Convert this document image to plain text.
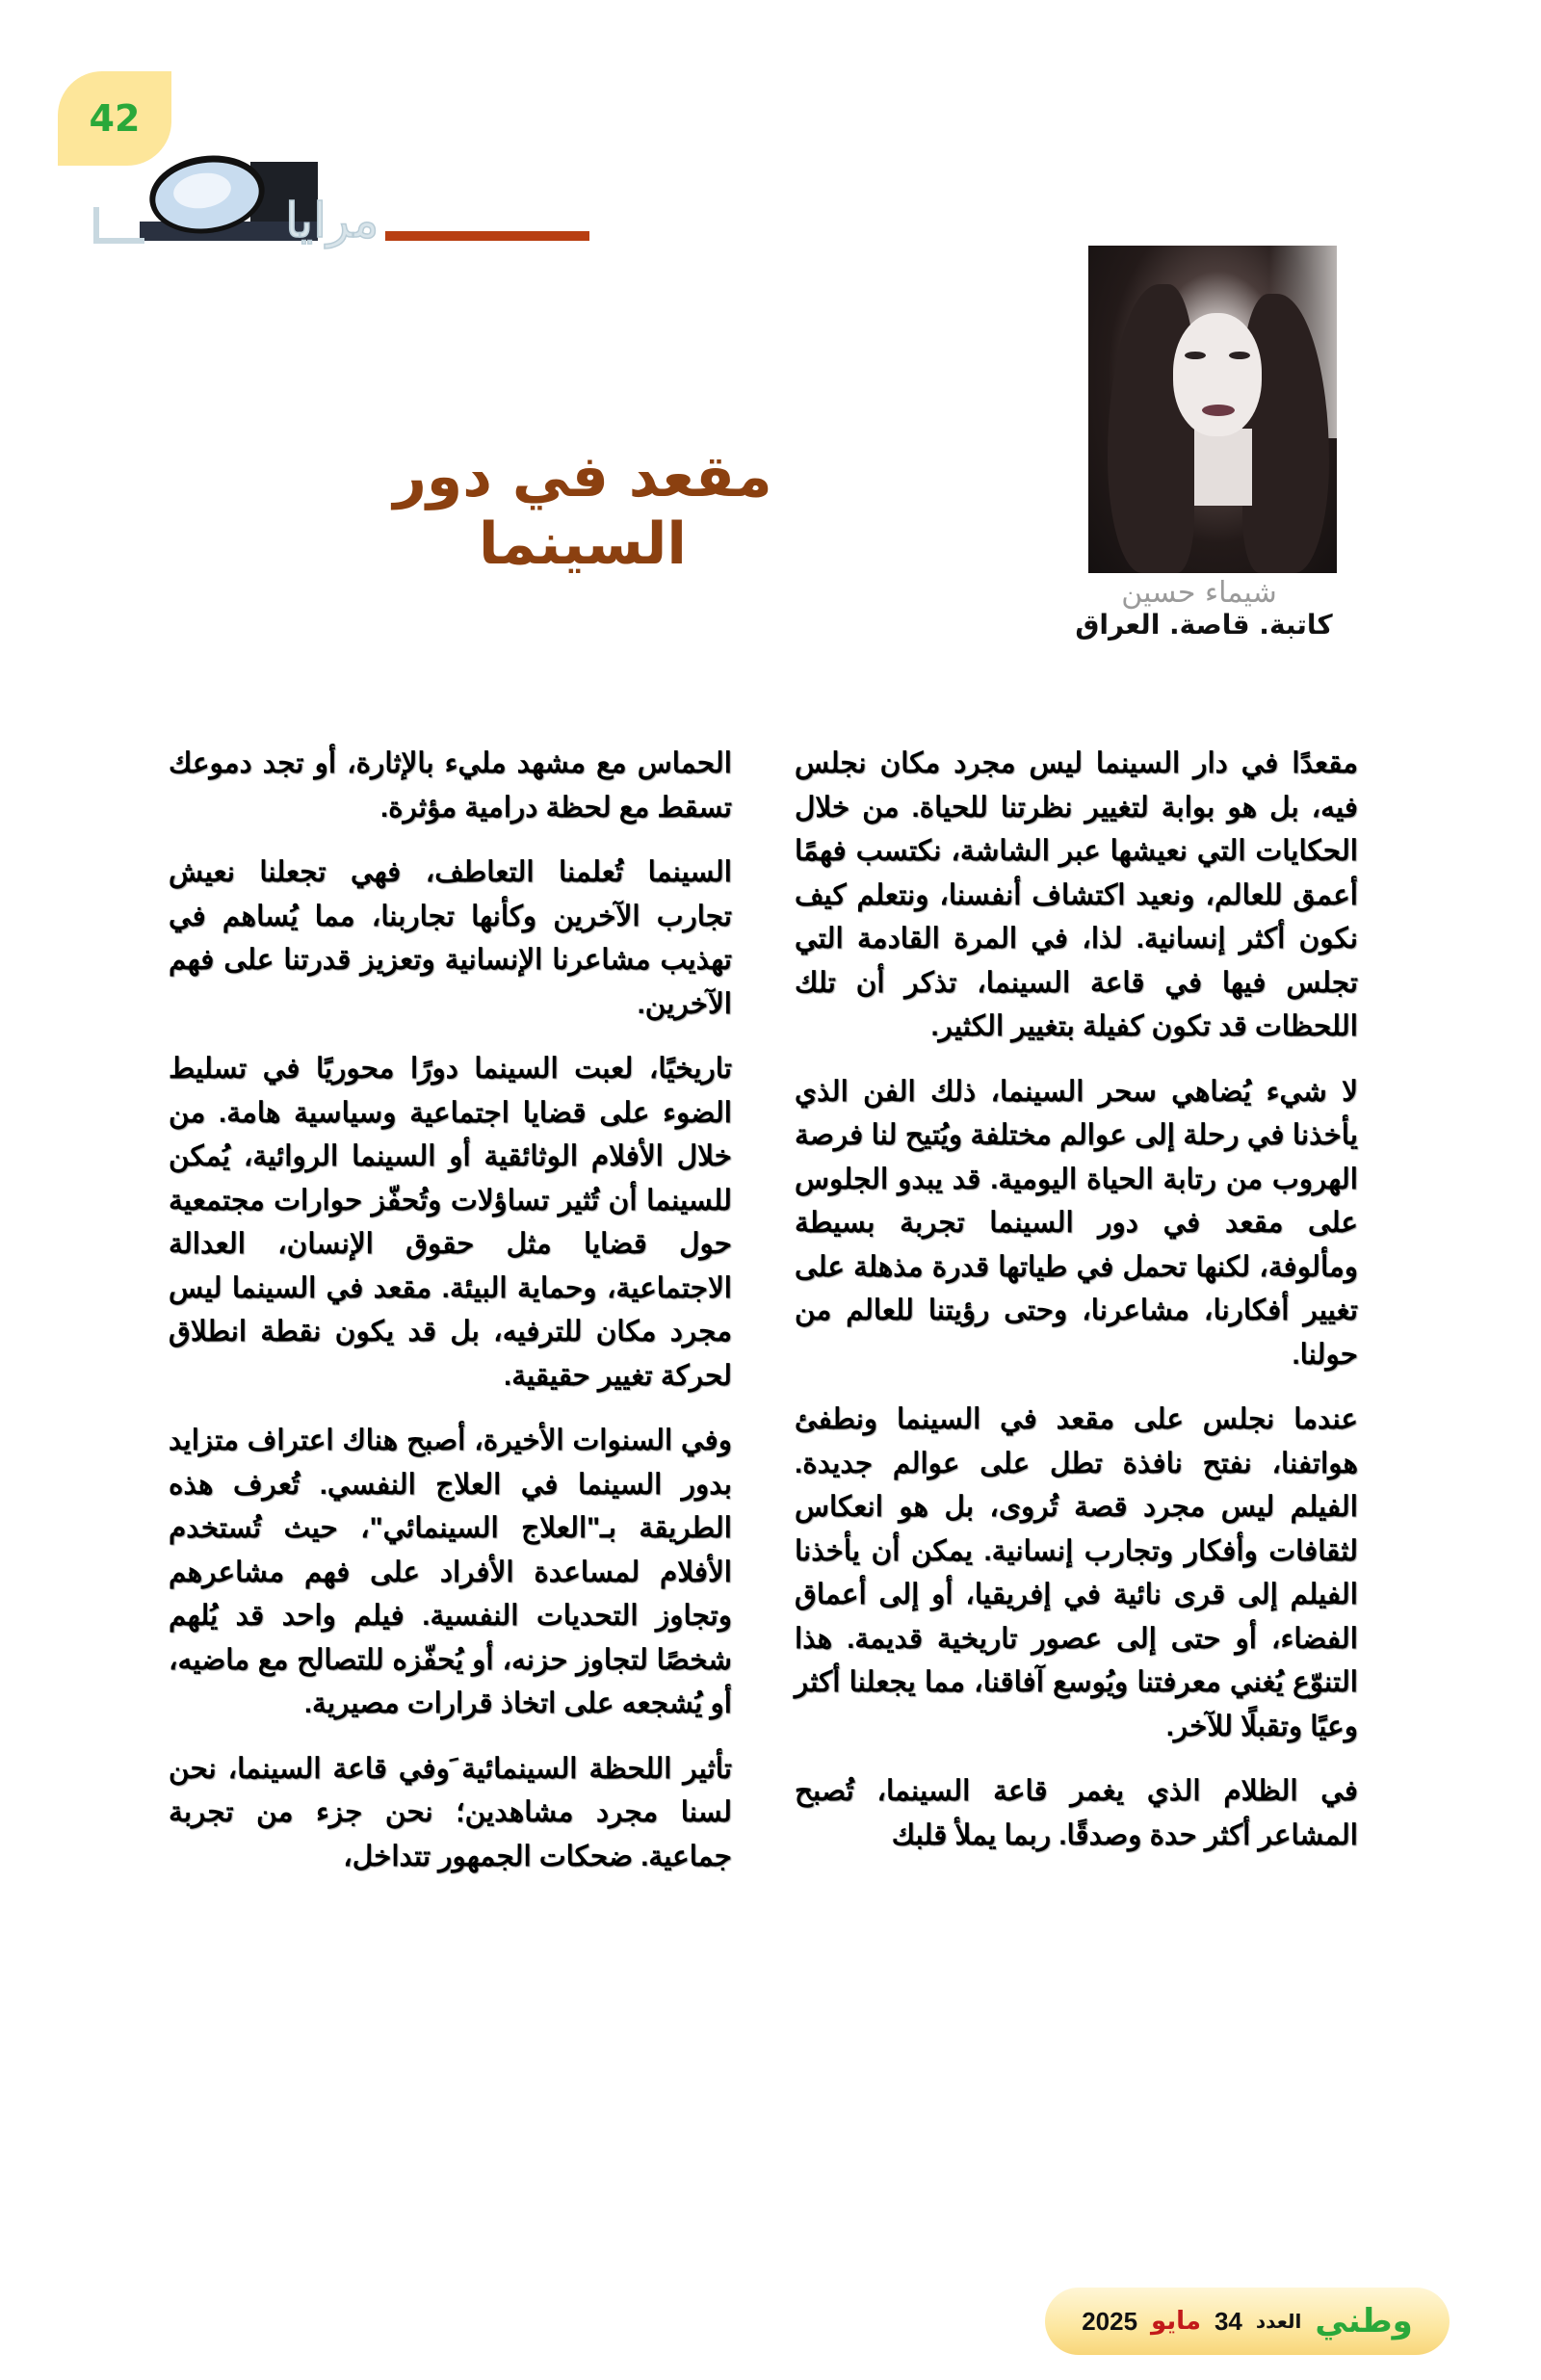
42
مرايا
مقعد في دور السينما
شيماء حسين
كاتبة. قاصة. العراق

مقعدًا في دار السينما ليس مجرد مكان نجلس فيه، بل هو بوابة لتغيير نظرتنا للحياة. من خلال الحكايات التي نعيشها عبر الشاشة، نكتسب فهمًا أعمق للعالم، ونعيد اكتشاف أنفسنا، ونتعلم كيف نكون أكثر إنسانية. لذا، في المرة القادمة التي تجلس فيها في قاعة السينما، تذكر أن تلك اللحظات قد تكون كفيلة بتغيير الكثير.

لا شيء يُضاهي سحر السينما، ذلك الفن الذي يأخذنا في رحلة إلى عوالم مختلفة ويُتيح لنا فرصة الهروب من رتابة الحياة اليومية. قد يبدو الجلوس على مقعد في دور السينما تجربة بسيطة ومألوفة، لكنها تحمل في طياتها قدرة مذهلة على تغيير أفكارنا، مشاعرنا، وحتى رؤيتنا للعالم من حولنا.

عندما نجلس على مقعد في السينما ونطفئ هواتفنا، نفتح نافذة تطل على عوالم جديدة. الفيلم ليس مجرد قصة تُروى، بل هو انعكاس لثقافات وأفكار وتجارب إنسانية. يمكن أن يأخذنا الفيلم إلى قرى نائية في إفريقيا، أو إلى أعماق الفضاء، أو حتى إلى عصور تاريخية قديمة. هذا التنوّع يُغني معرفتنا ويُوسع آفاقنا، مما يجعلنا أكثر وعيًا وتقبلًا للآخر.

في الظلام الذي يغمر قاعة السينما، تُصبح المشاعر أكثر حدة وصدقًا. ربما يملأ قلبك

الحماس مع مشهد مليء بالإثارة، أو تجد دموعك تسقط مع لحظة درامية مؤثرة.

السينما تُعلمنا التعاطف، فهي تجعلنا نعيش تجارب الآخرين وكأنها تجاربنا، مما يُساهم في تهذيب مشاعرنا الإنسانية وتعزيز قدرتنا على فهم الآخرين.

تاريخيًا، لعبت السينما دورًا محوريًا في تسليط الضوء على قضايا اجتماعية وسياسية هامة. من خلال الأفلام الوثائقية أو السينما الروائية، يُمكن للسينما أن تُثير تساؤلات وتُحفّز حوارات مجتمعية حول قضايا مثل حقوق الإنسان، العدالة الاجتماعية، وحماية البيئة. مقعد في السينما ليس مجرد مكان للترفيه، بل قد يكون نقطة انطلاق لحركة تغيير حقيقية.

وفي السنوات الأخيرة، أصبح هناك اعتراف متزايد بدور السينما في العلاج النفسي. تُعرف هذه الطريقة بـ"العلاج السينمائي"، حيث تُستخدم الأفلام لمساعدة الأفراد على فهم مشاعرهم وتجاوز التحديات النفسية. فيلم واحد قد يُلهم شخصًا لتجاوز حزنه، أو يُحفّزه للتصالح مع ماضيه، أو يُشجعه على اتخاذ قرارات مصيرية.

تأثير اللحظة السينمائية َوفي قاعة السينما، نحن لسنا مجرد مشاهدين؛ نحن جزء من تجربة جماعية. ضحكات الجمهور تتداخل،

وطني
العدد
34
مايو
2025
